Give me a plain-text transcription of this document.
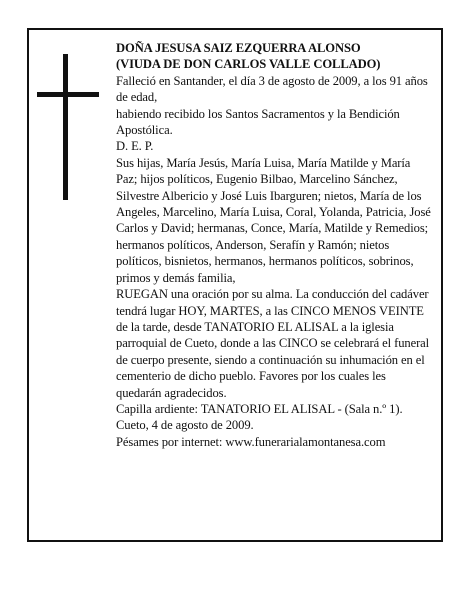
DOÑA JESUSA SAIZ EZQUERRA ALONSO

(VIUDA DE DON CARLOS VALLE COLLADO)

Falleció en Santander, el día 3 de agosto de 2009, a los 91 años de edad,

habiendo recibido los Santos Sacramentos y la Bendición Apostólica.

D. E. P.

Sus hijas, María Jesús, María Luisa, María Matilde y María Paz; hijos políticos, Eugenio Bilbao, Marcelino Sánchez, Silvestre Albericio y José Luis Ibarguren; nietos, María de los Angeles, Marcelino, María Luisa, Coral, Yolanda, Patricia, José Carlos y David; hermanas, Conce, María, Matilde y Remedios; hermanos políticos, Anderson, Serafín y Ramón; nietos políticos, bisnietos, hermanos, hermanos políticos, sobrinos, primos y demás familia,

RUEGAN una oración por su alma. La conducción del cadáver tendrá lugar HOY, MARTES, a las CINCO MENOS VEINTE de la tarde, desde TANATORIO EL ALISAL a la iglesia parroquial de Cueto, donde a las CINCO se celebrará el funeral de cuerpo presente, siendo a continuación su inhumación en el cementerio de dicho pueblo. Favores por los cuales les quedarán agradecidos.

Capilla ardiente: TANATORIO EL ALISAL - (Sala n.º 1). Cueto, 4 de agosto de 2009.

Pésames por internet: www.funerarialamontanesa.com
